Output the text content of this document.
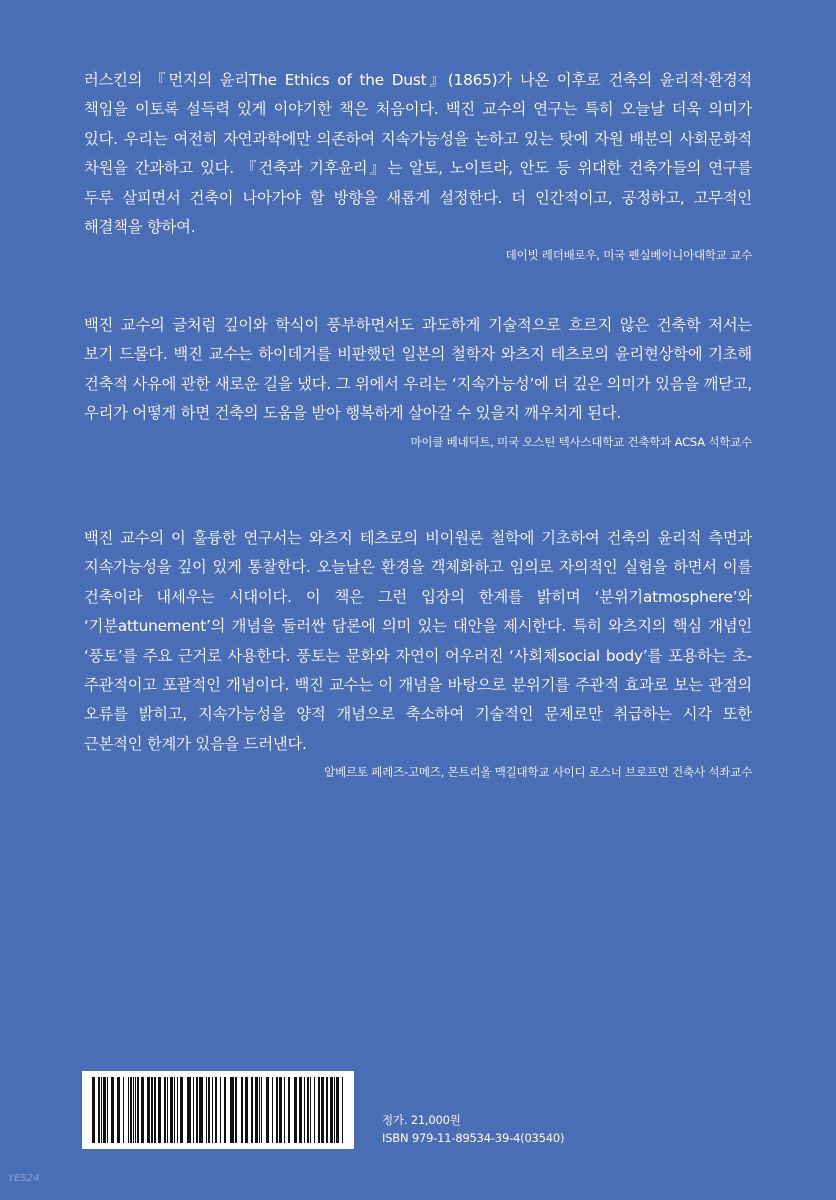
러스킨의 『먼지의 윤리The Ethics of the Dust』(1865)가 나온 이후로 건축의 윤리적·환경적 책임을 이토록 설득력 있게 이야기한 책은 처음이다. 백진 교수의 연구는 특히 오늘날 더욱 의미가 있다. 우리는 여전히 자연과학에만 의존하여 지속가능성을 논하고 있는 탓에 자원 배분의 사회문화적 차원을 간과하고 있다. 『건축과 기후윤리』는 알토, 노이트라, 안도 등 위대한 건축가들의 연구를 두루 살피면서 건축이 나아가야 할 방향을 새롭게 설정한다. 더 인간적이고, 공정하고, 고무적인 해결책을 향하여.

데이빗 레더배로우, 미국 펜실베이니아대학교 교수

백진 교수의 글처럼 깊이와 학식이 풍부하면서도 과도하게 기술적으로 흐르지 않은 건축학 저서는 보기 드물다. 백진 교수는 하이데거를 비판했던 일본의 철학자 와츠지 테츠로의 윤리현상학에 기초해 건축적 사유에 관한 새로운 길을 냈다. 그 위에서 우리는 ‘지속가능성’에 더 깊은 의미가 있음을 깨닫고, 우리가 어떻게 하면 건축의 도움을 받아 행복하게 살아갈 수 있을지 깨우치게 된다.

마이클 베네딕트, 미국 오스틴 텍사스대학교 건축학과 ACSA 석학교수

백진 교수의 이 훌륭한 연구서는 와츠지 테츠로의 비이원론 철학에 기초하여 건축의 윤리적 측면과 지속가능성을 깊이 있게 통찰한다. 오늘날은 환경을 객체화하고 임의로 자의적인 실험을 하면서 이를 건축이라 내세우는 시대이다. 이 책은 그런 입장의 한계를 밝히며 ‘분위기atmosphere’와 ‘기분attunement’의 개념을 둘러싼 담론에 의미 있는 대안을 제시한다. 특히 와츠지의 핵심 개념인 ‘풍토’를 주요 근거로 사용한다. 풍토는 문화와 자연이 어우러진 ‘사회체social body’를 포용하는 초-주관적이고 포괄적인 개념이다. 백진 교수는 이 개념을 바탕으로 분위기를 주관적 효과로 보는 관점의 오류를 밝히고, 지속가능성을 양적 개념으로 축소하여 기술적인 문제로만 취급하는 시각 또한 근본적인 한계가 있음을 드러낸다.

알베르토 페레즈-고메즈, 몬트리올 맥길대학교 사이디 로스너 브로프먼 건축사 석좌교수

정가. 21,000원
ISBN 979-11-89534-39-4(03540)
YES24
